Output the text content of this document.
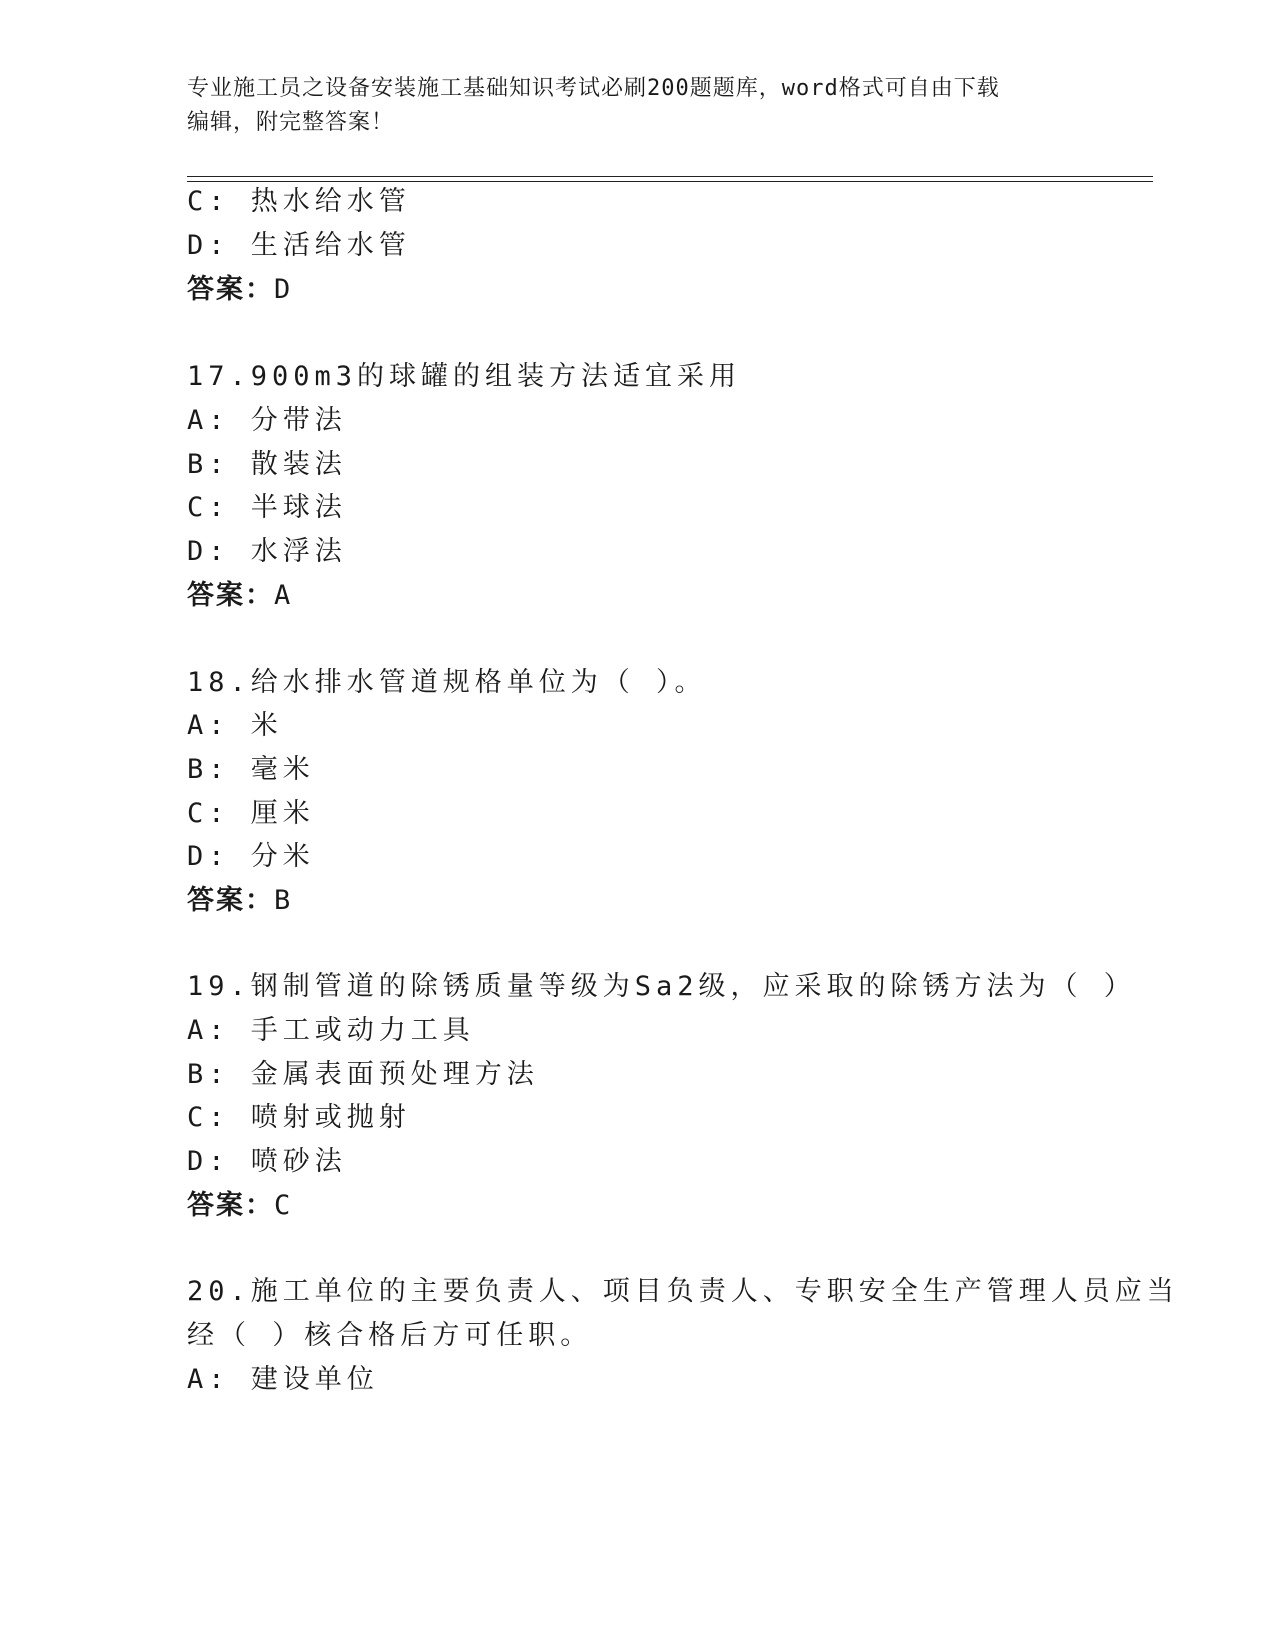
专业施工员之设备安装施工基础知识考试必刷200题题库，word格式可自由下载
编辑，附完整答案！
C: 热水给水管
D: 生活给水管
答案：D
17.900m3的球罐的组装方法适宜采用
A: 分带法
B: 散装法
C: 半球法
D: 水浮法
答案：A
18.给水排水管道规格单位为（ ）。
A: 米
B: 毫米
C: 厘米
D: 分米
答案：B
19.钢制管道的除锈质量等级为Sa2级，应采取的除锈方法为（ ）
A: 手工或动力工具
B: 金属表面预处理方法
C: 喷射或抛射
D: 喷砂法
答案：C
20.施工单位的主要负责人、项目负责人、专职安全生产管理人员应当
经（ ）核合格后方可任职。
A: 建设单位
